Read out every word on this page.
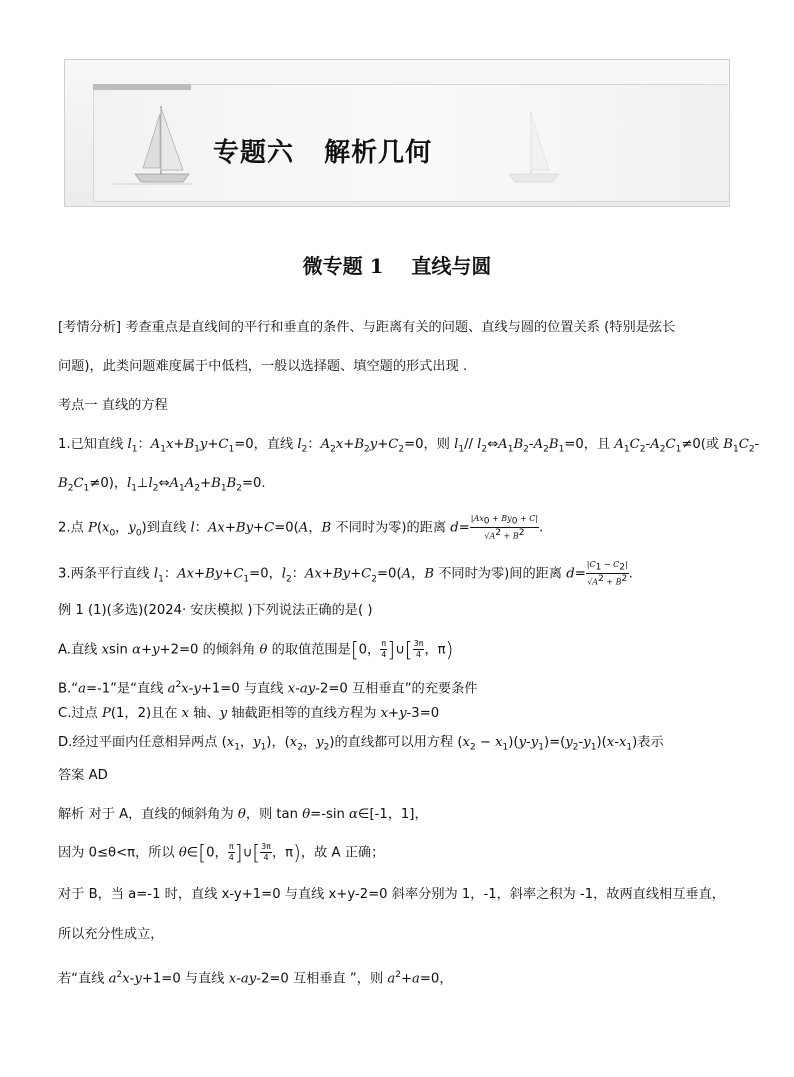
专题六   解析几何
微专题 1    直线与圆
[考情分析] 考查重点是直线间的平行和垂直的条件、与距离有关的问题、直线与圆的位置关系 (特别是弦长
问题)，此类问题难度属于中低档，一般以选择题、填空题的形式出现 .
考点一 直线的方程
1.已知直线 $l_1$：$A_1x+B_1y+C_1=0$，直线 $l_2$：$A_2x+B_2y+C_2=0$，则 $l_1//$ $l_2\Leftrightarrow A_1B_2-A_2B_1=0$，且 $A_1C_2-A_2C_1\ne 0$(或 $B_1C_2-$
$B_2C_1\ne 0$)，$l_1\perp l_2\Leftrightarrow A_1A_2+B_1B_2=0$.
2.点 $P(x_0$，$y_0$)到直线 l：Ax+By+C=0(A，B 不同时为零)的距离 $d= \frac{|Ax_0 + By_0 + C|}{√A^2 + B^2}$ .
3.两条平行直线 $l_1$：$Ax+By+C_1=0$，$l_2$：$Ax+By+C_2=0(A$，B 不同时为零)间的距离 $d= \frac{|C_1 - C_2|}{√A^2 + B^2}$ .
例 1 (1)(多选)(2024· 安庆模拟 )下列说法正确的是( )
A.直线 xsin α+y+2=0 的倾斜角 θ 的取值范围是[0， $\frac{\pi}{4}$ ]∪[ $\frac{3\pi}{4}$ ，π)
B.“a=-1”是“直线 $a^2x-y+1=0$ 与直线 x-ay-2=0 互相垂直”的充要条件
C.过点 P(1，2)且在 x 轴、y 轴截距相等的直线方程为 x+y-3=0
D.经过平面内任意相异两点 ($x_1$，$y_1$)，($x_2$，$y_2$)的直线都可以用方程 $(x_2 - x_1)(y-y_1)=(y_2-y_1)(x-x_1)$表示
答案 AD
解析 对于 A，直线的倾斜角为 θ，则 tan θ=-sin α∈[-1，1]，
因为 0≤θ<π，所以 θ∈[0， $\frac{\pi}{4}$ ]∪[ $\frac{3\pi}{4}$ ，π)，故 A 正确；
对于 B，当 a=-1 时，直线 x-y+1=0 与直线 x+y-2=0 斜率分别为 1，-1，斜率之积为 -1，故两直线相互垂直，
所以充分性成立，
若“直线 $a^2x-y+1=0$ 与直线 x-ay-2=0 互相垂直 ”，则 $a^2+a=0$，
